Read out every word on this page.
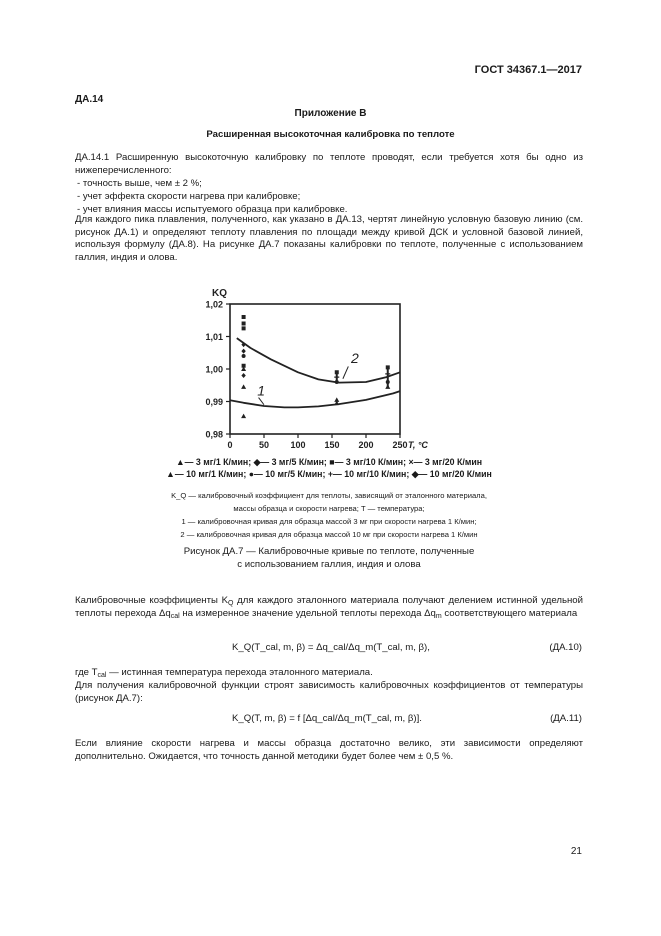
ГОСТ 34367.1—2017
ДА.14
Приложение В
Расширенная высокоточная калибровка по теплоте
ДА.14.1 Расширенную высокоточную калибровку по теплоте проводят, если требуется хотя бы одно из нижеперечисленного:
- точность выше, чем ± 2 %;
- учет эффекта скорости нагрева при калибровке;
- учет влияния массы испытуемого образца при калибровке.
Для каждого пика плавления, полученного, как указано в ДА.13, чертят линейную условную базовую линию (см. рисунок ДА.1) и определяют теплоту плавления по площади между кривой ДСК и условной базовой линией, используя формулу (ДА.8). На рисунке ДА.7 показаны калибровки по теплоте, полученные с использованием галлия, индия и олова.
0,98
0,99
1,00
1,01
1,02
0	50 100 150 200 250
KQ
T, °C
1
2
▲— 3 мг/1 К/мин; ◆— 3 мг/5 К/мин; ■— 3 мг/10 К/мин; ×— 3 мг/20 К/мин
▲— 10 мг/1 К/мин; ●— 10 мг/5 К/мин; +— 10 мг/10 К/мин; ◆— 10 мг/20 К/мин
K_Q — калибровочный коэффициент для теплоты, зависящий от эталонного материала,
массы образца и скорости нагрева; T — температура;
1 — калибровочная кривая для образца массой 3 мг при скорости нагрева 1 К/мин;
2 — калибровочная кривая для образца массой 10 мг при скорости нагрева 1 К/мин
Рисунок ДА.7 — Калибровочные кривые по теплоте, полученные
с использованием галлия, индия и олова
Калибровочные коэффициенты $K_Q$ для каждого эталонного материала получают делением истинной удельной теплоты перехода $\Delta q_{cal}$ на измеренное значение удельной теплоты перехода $\Delta q_m$ соответствующего материала
K_Q(T_cal, m, β) = Δq_cal/Δq_m(T_cal, m, β),	(ДА.10)
где $T_{cal}$ — истинная температура перехода эталонного материала.
Для получения калибровочной функции строят зависимость калибровочных коэффициентов от температуры (рисунок ДА.7):
K_Q(T, m, β) = f [Δq_cal/Δq_m(T_cal, m, β)].	(ДА.11)
Если влияние скорости нагрева и массы образца достаточно велико, эти зависимости определяют дополнительно. Ожидается, что точность данной методики будет более чем ± 0,5 %.
21
